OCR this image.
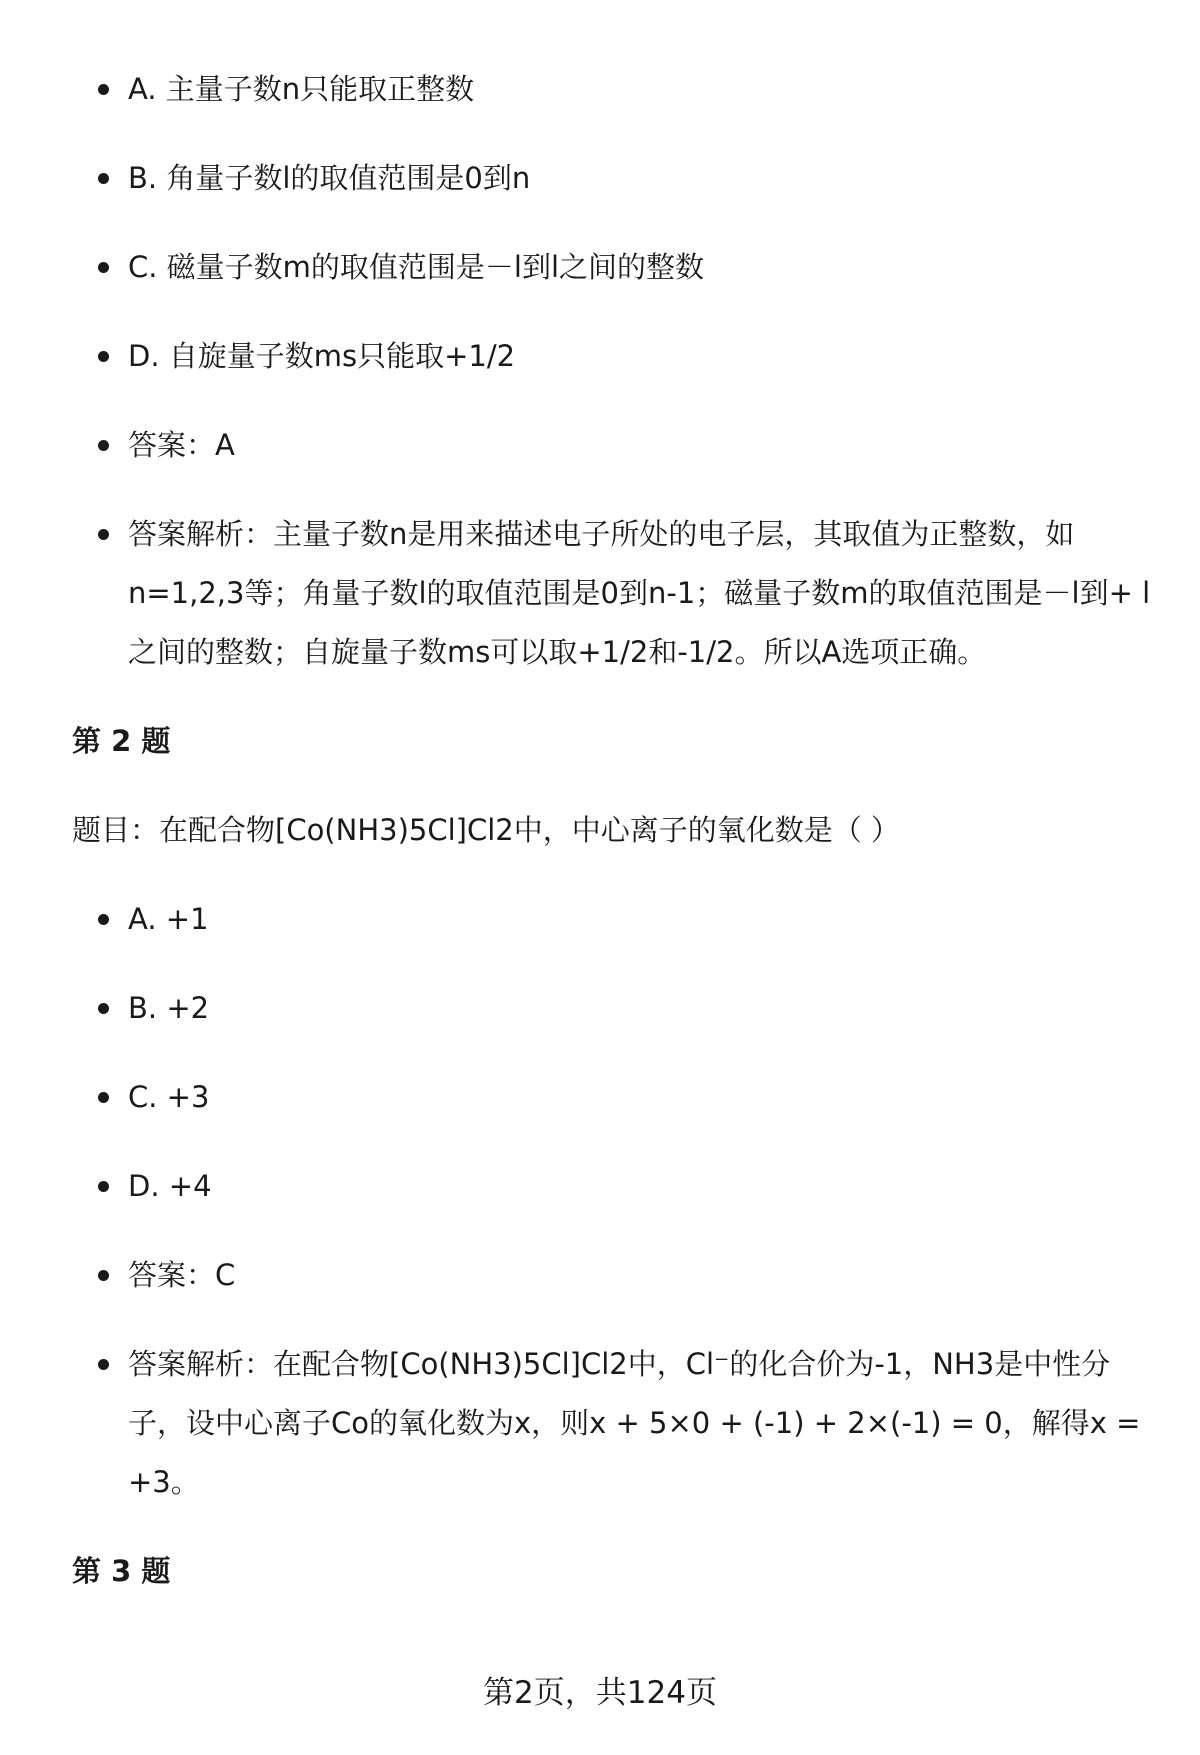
A. 主量子数n只能取正整数
B. 角量子数l的取值范围是0到n
C. 磁量子数m的取值范围是－l到l之间的整数
D. 自旋量子数ms只能取+1/2
答案：A
答案解析：主量子数n是用来描述电子所处的电子层，其取值为正整数，如n=1,2,3等；角量子数l的取值范围是0到n-1；磁量子数m的取值范围是－l到+ l之间的整数；自旋量子数ms可以取+1/2和-1/2。所以A选项正确。
第 2 题
题目：在配合物[Co(NH3)5Cl]Cl2中，中心离子的氧化数是（ ）
A. +1
B. +2
C. +3
D. +4
答案：C
答案解析：在配合物[Co(NH3)5Cl]Cl2中，Cl⁻的化合价为-1，NH3是中性分子，设中心离子Co的氧化数为x，则x + 5×0 + (-1) + 2×(-1) = 0，解得x = +3。
第 3 题
第2页，共124页
